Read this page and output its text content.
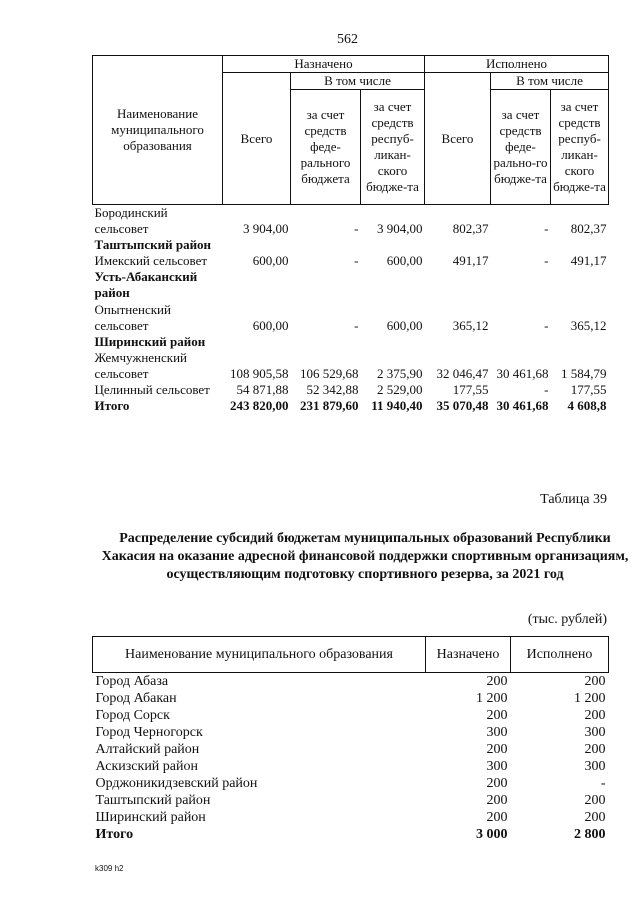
562
Наименование муниципального образования	Назначено			Исполнено		
	Всего	В том числе		Всего	В том числе	
		за счет средств феде-рального бюджета	за счет средств респуб-ликан-ского бюдже-та		за счет средств феде-рально-го бюдже-та	за счет средств респуб-ликан-ского бюдже-та
Бородинский сельсовет	3 904,00	-	3 904,00	802,37	-	802,37
Таштыпский район						
Имекский сельсовет	600,00	-	600,00	491,17	-	491,17
Усть-Абаканский район						
Опытненский сельсовет	600,00	-	600,00	365,12	-	365,12
Ширинский район						
Жемчужненский сельсовет	108 905,58	106 529,68	2 375,90	32 046,47	30 461,68	1 584,79
Целинный сельсовет	54 871,88	52 342,88	2 529,00	177,55	-	177,55
Итого	243 820,00	231 879,60	11 940,40	35 070,48	30 461,68	4 608,8
Таблица 39
Распределение субсидий бюджетам муниципальных образований Республики Хакасия на оказание адресной финансовой поддержки спортивным организациям, осуществляющим подготовку спортивного резерва, за 2021 год
(тыс. рублей)
Наименование муниципального образования	Назначено	Исполнено
Город Абаза	200	200
Город Абакан	1 200	1 200
Город Сорск	200	200
Город Черногорск	300	300
Алтайский район	200	200
Аскизский район	300	300
Орджоникидзевский район	200	-
Таштыпский район	200	200
Ширинский район	200	200
Итого	3 000	2 800
k309 h2
